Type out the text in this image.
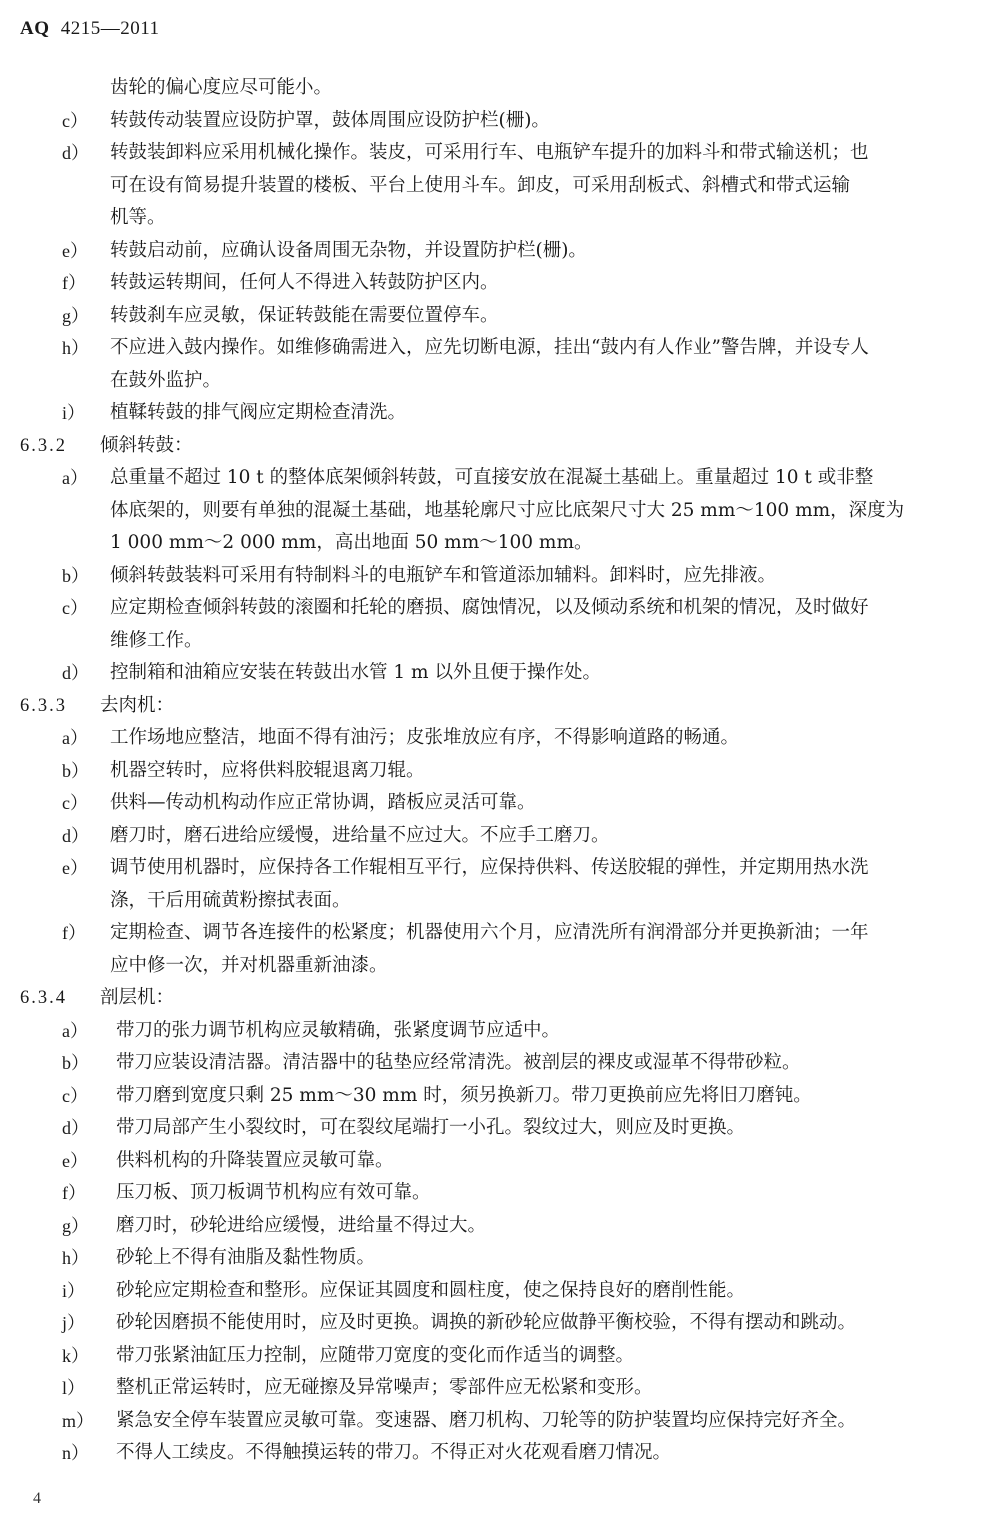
AQ 4215—2011
齿轮的偏心度应尽可能小。
c） 转鼓传动装置应设防护罩，鼓体周围应设防护栏(栅)。
d） 转鼓装卸料应采用机械化操作。装皮，可采用行车、电瓶铲车提升的加料斗和带式输送机；也
可在设有简易提升装置的楼板、平台上使用斗车。卸皮，可采用刮板式、斜槽式和带式运输
机等。
e） 转鼓启动前，应确认设备周围无杂物，并设置防护栏(栅)。
f） 转鼓运转期间，任何人不得进入转鼓防护区内。
g） 转鼓刹车应灵敏，保证转鼓能在需要位置停车。
h） 不应进入鼓内操作。如维修确需进入，应先切断电源，挂出“鼓内有人作业”警告牌，并设专人
在鼓外监护。
i） 植鞣转鼓的排气阀应定期检查清洗。
6.3.2 倾斜转鼓：
a） 总重量不超过 10 t 的整体底架倾斜转鼓，可直接安放在混凝土基础上。重量超过 10 t 或非整
体底架的，则要有单独的混凝土基础，地基轮廓尺寸应比底架尺寸大 25 mm～100 mm，深度为
1 000 mm～2 000 mm，高出地面 50 mm～100 mm。
b） 倾斜转鼓装料可采用有特制料斗的电瓶铲车和管道添加辅料。卸料时，应先排液。
c） 应定期检查倾斜转鼓的滚圈和托轮的磨损、腐蚀情况，以及倾动系统和机架的情况，及时做好
维修工作。
d） 控制箱和油箱应安装在转鼓出水管 1 m 以外且便于操作处。
6.3.3 去肉机：
a） 工作场地应整洁，地面不得有油污；皮张堆放应有序，不得影响道路的畅通。
b） 机器空转时，应将供料胶辊退离刀辊。
c） 供料—传动机构动作应正常协调，踏板应灵活可靠。
d） 磨刀时，磨石进给应缓慢，进给量不应过大。不应手工磨刀。
e） 调节使用机器时，应保持各工作辊相互平行，应保持供料、传送胶辊的弹性，并定期用热水洗
涤，干后用硫黄粉擦拭表面。
f） 定期检查、调节各连接件的松紧度；机器使用六个月，应清洗所有润滑部分并更换新油；一年
应中修一次，并对机器重新油漆。
6.3.4 剖层机：
a） 带刀的张力调节机构应灵敏精确，张紧度调节应适中。
b） 带刀应装设清洁器。清洁器中的毡垫应经常清洗。被剖层的裸皮或湿革不得带砂粒。
c） 带刀磨到宽度只剩 25 mm～30 mm 时，须另换新刀。带刀更换前应先将旧刀磨钝。
d） 带刀局部产生小裂纹时，可在裂纹尾端打一小孔。裂纹过大，则应及时更换。
e） 供料机构的升降装置应灵敏可靠。
f） 压刀板、顶刀板调节机构应有效可靠。
g） 磨刀时，砂轮进给应缓慢，进给量不得过大。
h） 砂轮上不得有油脂及黏性物质。
i） 砂轮应定期检查和整形。应保证其圆度和圆柱度，使之保持良好的磨削性能。
j） 砂轮因磨损不能使用时，应及时更换。调换的新砂轮应做静平衡校验，不得有摆动和跳动。
k） 带刀张紧油缸压力控制，应随带刀宽度的变化而作适当的调整。
l） 整机正常运转时，应无碰擦及异常噪声；零部件应无松紧和变形。
m） 紧急安全停车装置应灵敏可靠。变速器、磨刀机构、刀轮等的防护装置均应保持完好齐全。
n） 不得人工续皮。不得触摸运转的带刀。不得正对火花观看磨刀情况。
4
